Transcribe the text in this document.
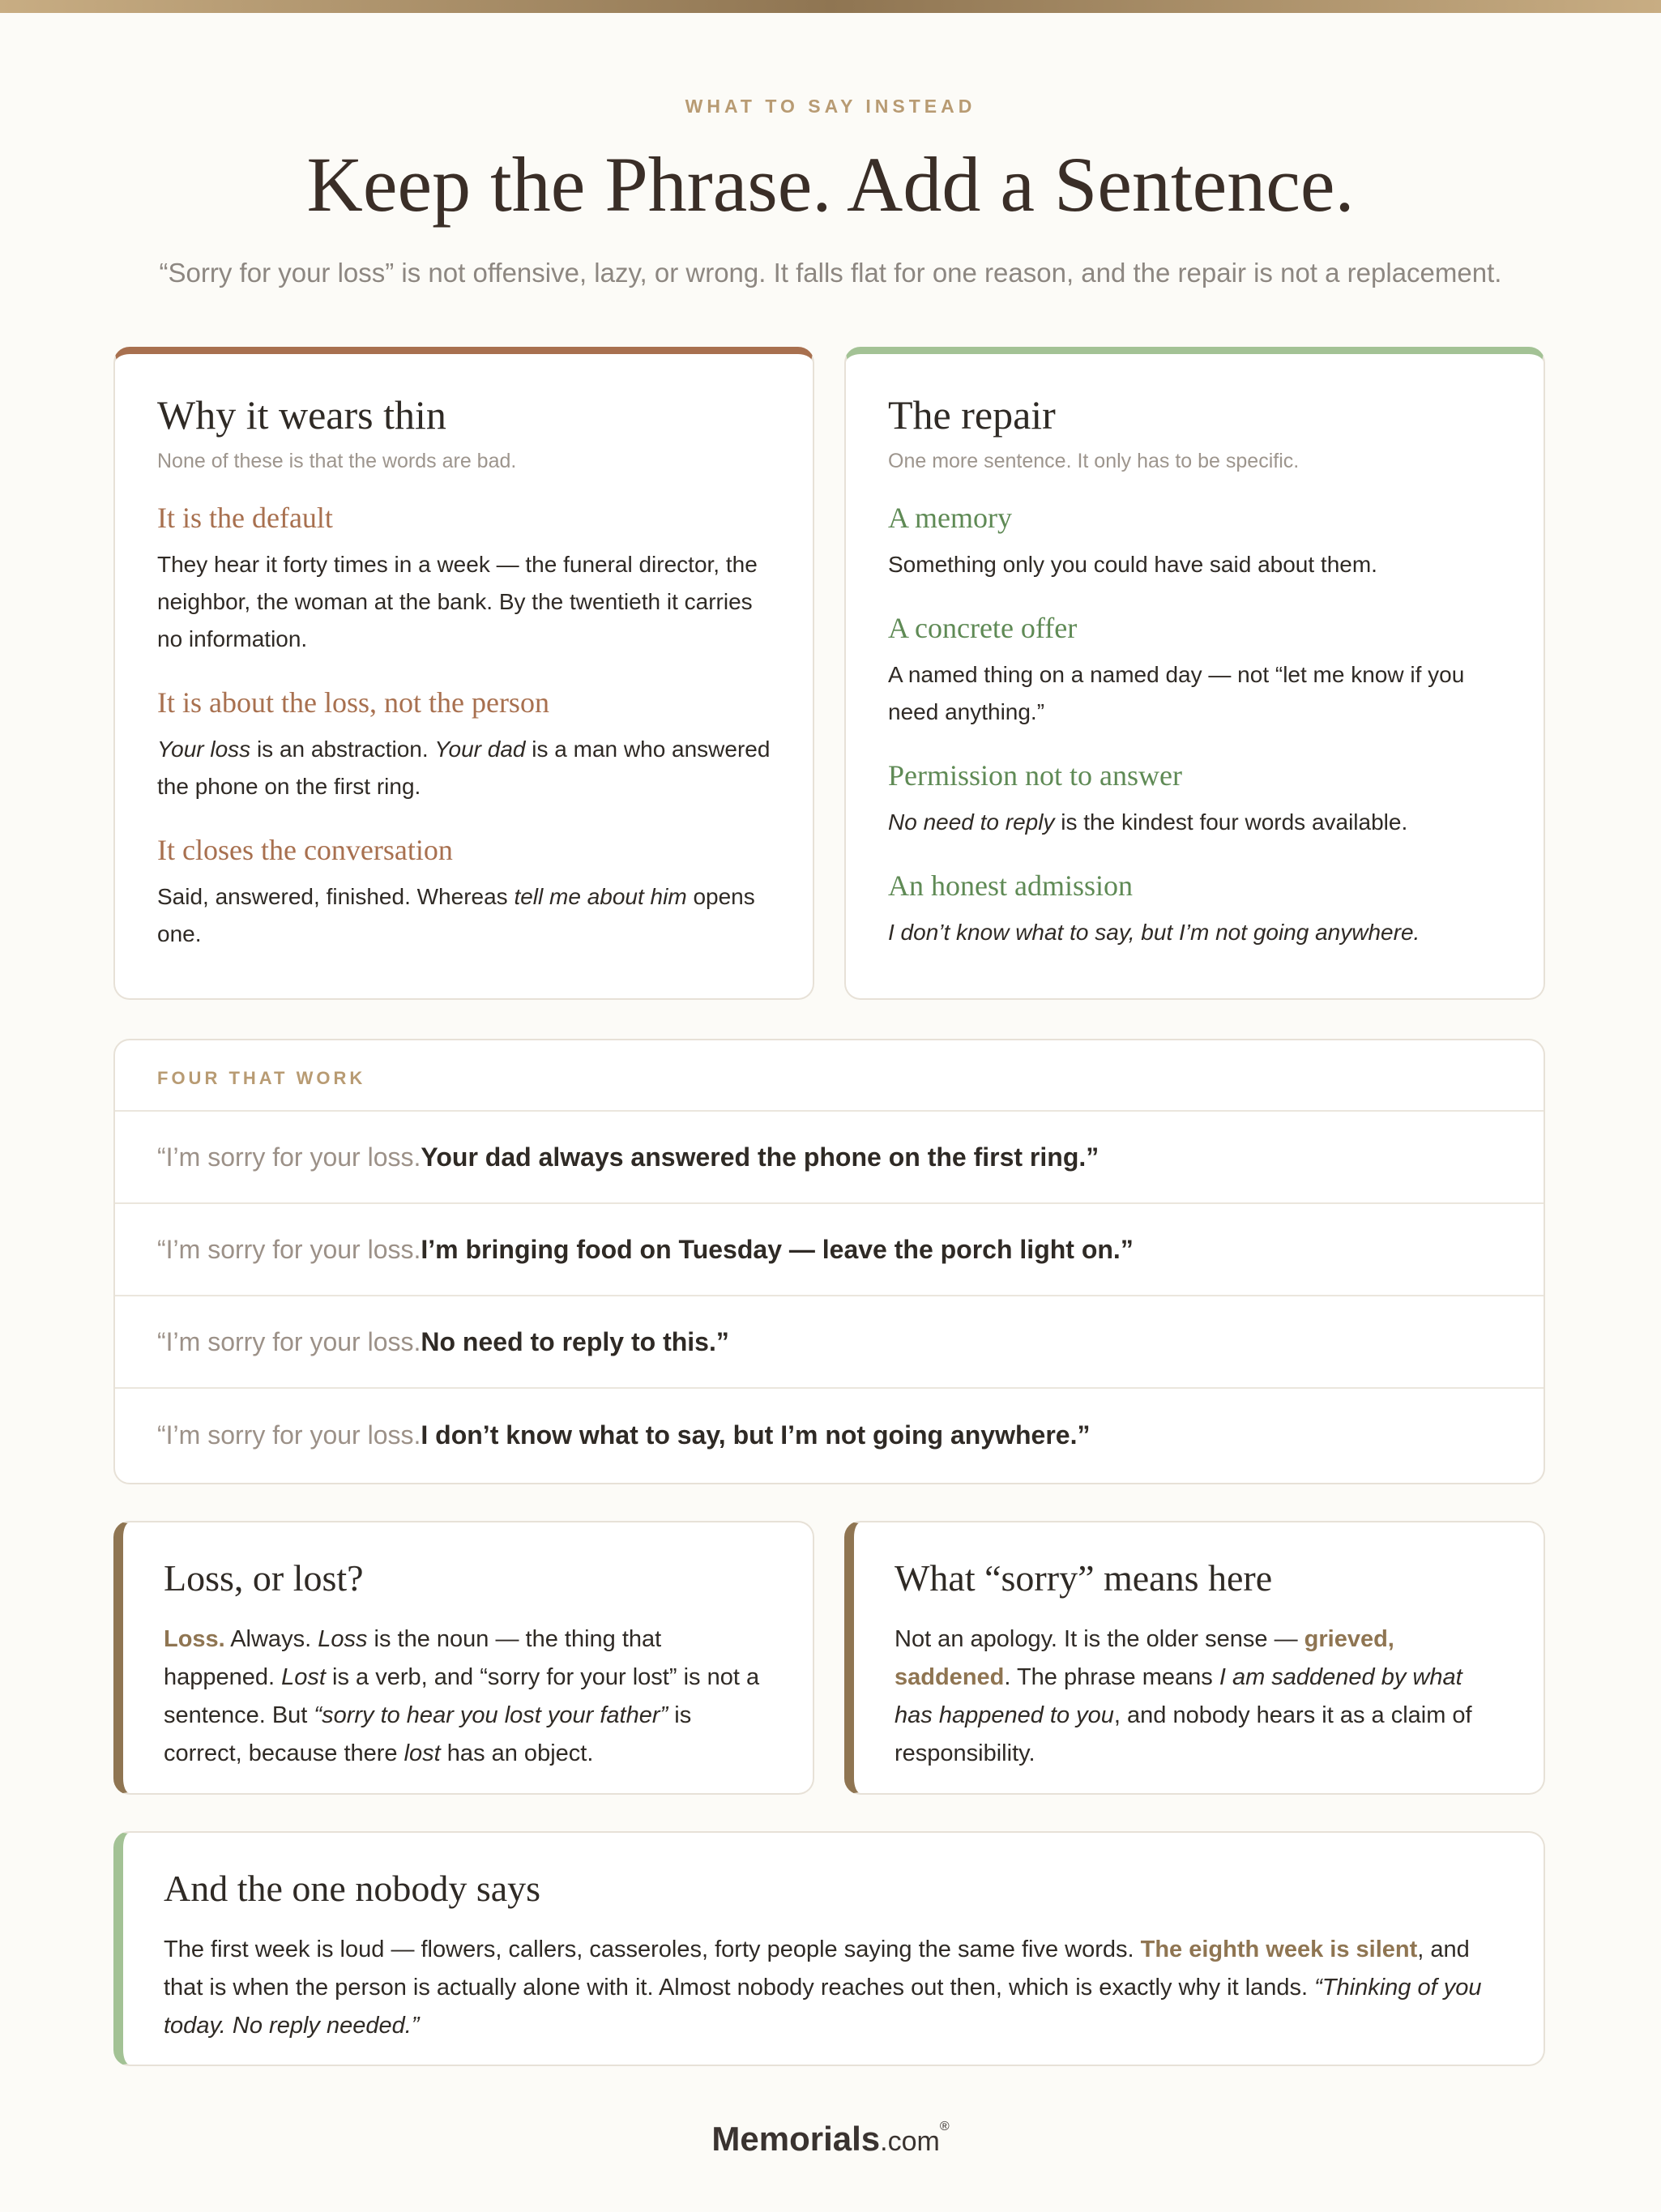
WHAT TO SAY INSTEAD
Keep the Phrase. Add a Sentence.
“Sorry for your loss” is not offensive, lazy, or wrong. It falls flat for one reason, and the repair is not a replacement.
Why it wears thin
None of these is that the words are bad.
It is the default

They hear it forty times in a week — the funeral director, the neighbor, the woman at the bank. By the twentieth it carries no information.

It is about the loss, not the person

Your loss is an abstraction. Your dad is a man who answered the phone on the first ring.

It closes the conversation

Said, answered, finished. Whereas tell me about him opens one.

The repair
One more sentence. It only has to be specific.
A memory

Something only you could have said about them.

A concrete offer

A named thing on a named day — not “let me know if you need anything.”

Permission not to answer

No need to reply is the kindest four words available.

An honest admission

I don’t know what to say, but I’m not going anywhere.

FOUR THAT WORK
“I’m sorry for your loss. Your dad always answered the phone on the first ring.”
“I’m sorry for your loss. I’m bringing food on Tuesday — leave the porch light on.”
“I’m sorry for your loss. No need to reply to this.”
“I’m sorry for your loss. I don’t know what to say, but I’m not going anywhere.”
Loss, or lost?

Loss. Always. Loss is the noun — the thing that happened. Lost is a verb, and “sorry for your lost” is not a sentence. But “sorry to hear you lost your father” is correct, because there lost has an object.

What “sorry” means here

Not an apology. It is the older sense — grieved, saddened. The phrase means I am saddened by what has happened to you, and nobody hears it as a claim of responsibility.

And the one nobody says

The first week is loud — flowers, callers, casseroles, forty people saying the same five words. The eighth week is silent, and that is when the person is actually alone with it. Almost nobody reaches out then, which is exactly why it lands. “Thinking of you today. No reply needed.”

Memorials.com®
